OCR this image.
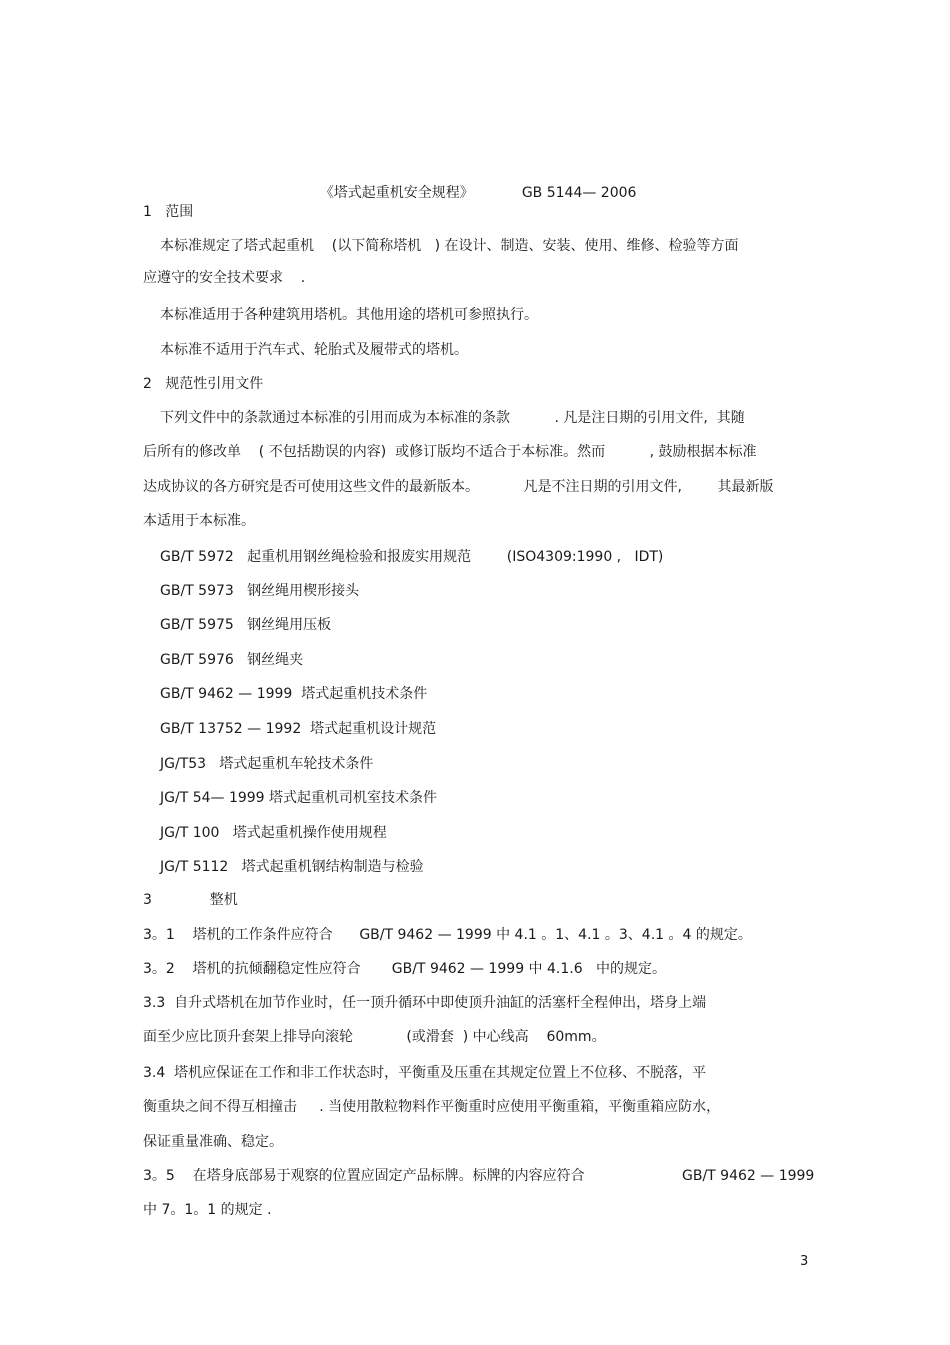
《塔式起重机安全规程》	GB 5144— 2006

1   范围
本标准规定了塔式起重机    (以下简称塔机   ) 在设计、制造、安装、使用、维修、检验等方面
应遵守的安全技术要求    .
本标准适用于各种建筑用塔机。其他用途的塔机可参照执行。
本标准不适用于汽车式、轮胎式及履带式的塔机。
2   规范性引用文件
下列文件中的条款通过本标准的引用而成为本标准的条款          . 凡是注日期的引用文件,  其随
后所有的修改单    ( 不包括勘误的内容)  或修订版均不适合于本标准。然而          , 鼓励根据本标准
达成协议的各方研究是否可使用这些文件的最新版本。          凡是不注日期的引用文件,        其最新版
本适用于本标准。
GB/T 5972   起重机用钢丝绳检验和报废实用规范        (ISO4309:1990 ,   IDT)
GB/T 5973   钢丝绳用楔形接头
GB/T 5975   钢丝绳用压板
GB/T 5976   钢丝绳夹
GB/T 9462 — 1999  塔式起重机技术条件
GB/T 13752 — 1992  塔式起重机设计规范
JG/T53   塔式起重机车轮技术条件
JG/T 54— 1999 塔式起重机司机室技术条件
JG/T 100   塔式起重机操作使用规程
JG/T 5112   塔式起重机钢结构制造与检验
3             整机
3。1    塔机的工作条件应符合      GB/T 9462 — 1999 中 4.1 。1、4.1 。3、4.1 。4 的规定。
3。2    塔机的抗倾翻稳定性应符合       GB/T 9462 — 1999 中 4.1.6   中的规定。
3.3  自升式塔机在加节作业时，任一顶升循环中即使顶升油缸的活塞杆全程伸出，塔身上端
面至少应比顶升套架上排导向滚轮            (或滑套  ) 中心线高    60mm。
3.4  塔机应保证在工作和非工作状态时，平衡重及压重在其规定位置上不位移、不脱落，平
衡重块之间不得互相撞击     . 当使用散粒物料作平衡重时应使用平衡重箱，平衡重箱应防水，
保证重量准确、稳定。
3。5    在塔身底部易于观察的位置应固定产品标牌。标牌的内容应符合	GB/T 9462 — 1999
中 7。1。1 的规定 .
3
